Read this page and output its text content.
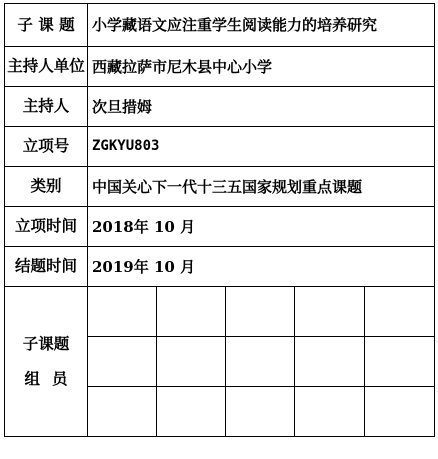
子 课 题	小学藏语文应注重学生阅读能力的培养研究				
主持人单位	西藏拉萨市尼木县中心小学				
主持人	次旦措姆				
立项号	ZGKYU803				
类别	中国关心下一代十三五国家规划重点课题				
立项时间	2018年 10 月				
结题时间	2019年 10 月				

子课题
组员					
